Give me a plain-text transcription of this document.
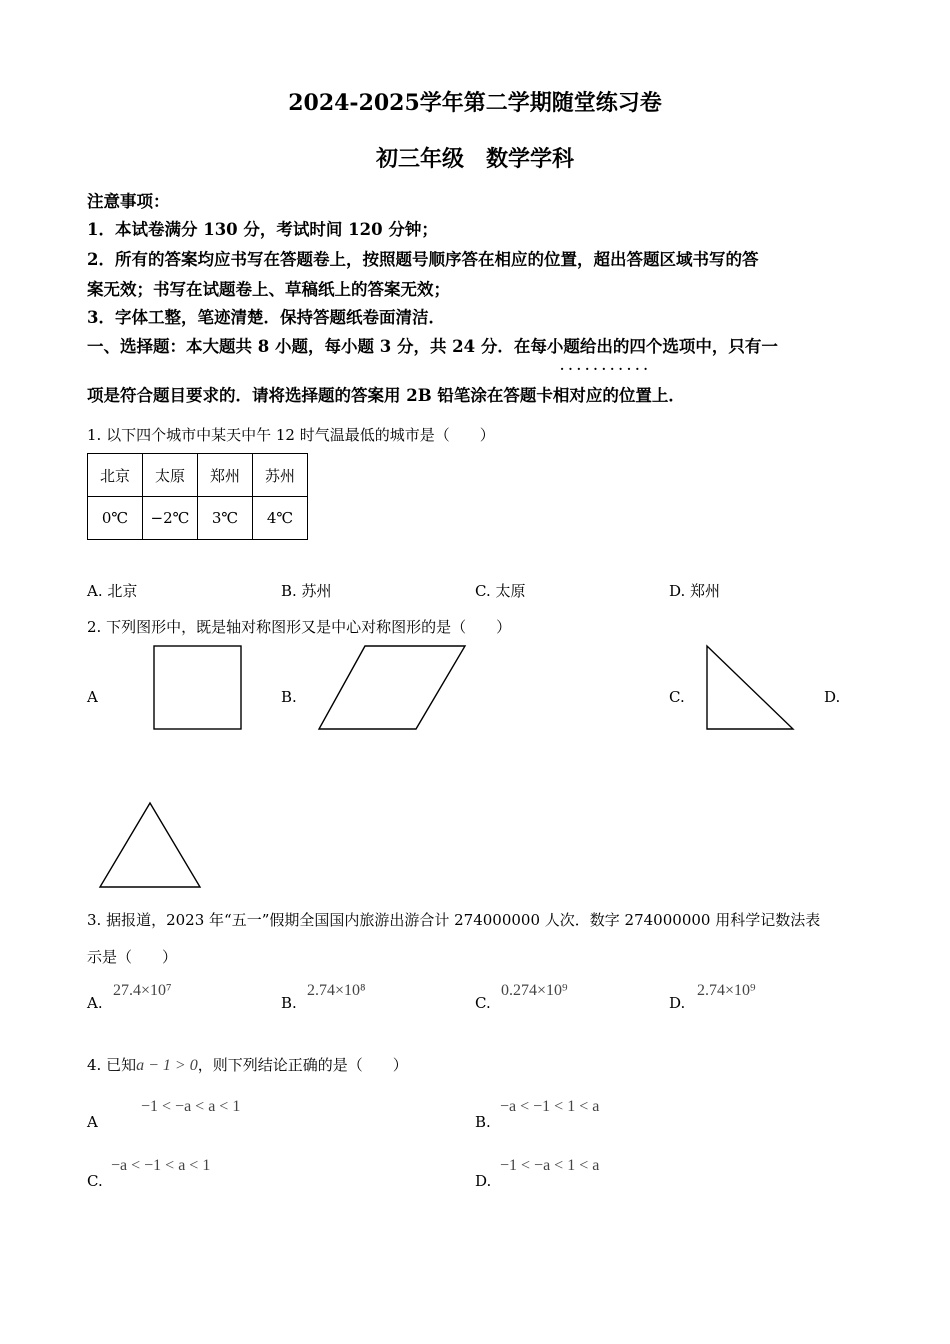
2024-2025学年第二学期随堂练习卷
初三年级　数学学科
注意事项：
1．本试卷满分 130 分，考试时间 120 分钟；
2．所有的答案均应书写在答题卷上，按照题号顺序答在相应的位置，超出答题区域书写的答
案无效；书写在试题卷上、草稿纸上的答案无效；
3．字体工整，笔迹清楚．保持答题纸卷面清洁．
一、选择题：本大题共 8 小题，每小题 3 分，共 24 分．在每小题给出的四个选项中，只有一
· · · · · · · · · · ·
项是符合题目要求的．请将选择题的答案用 2B 铅笔涂在答题卡相对应的位置上．
1. 以下四个城市中某天中午 12 时气温最低的城市是（　　）
北京	太原	郑州	苏州
0℃	−2℃	3℃	4℃
A. 北京	B. 苏州	C. 太原	D. 郑州
2. 下列图形中，既是轴对称图形又是中心对称图形的是（　　）
A	B.	C.	D.
3. 据报道，2023 年“五一”假期全国国内旅游出游合计 274000000 人次．数字 274000000 用科学记数法表
示是（　　）
A.
27.4×10⁷
B.
2.74×10⁸
C.
0.274×10⁹
D.
2.74×10⁹
4. 已知a − 1 > 0，则下列结论正确的是（　　）
A
−1 < −a < a < 1
B.
−a < −1 < 1 < a
C.
−a < −1 < a < 1
D.
−1 < −a < 1 < a
